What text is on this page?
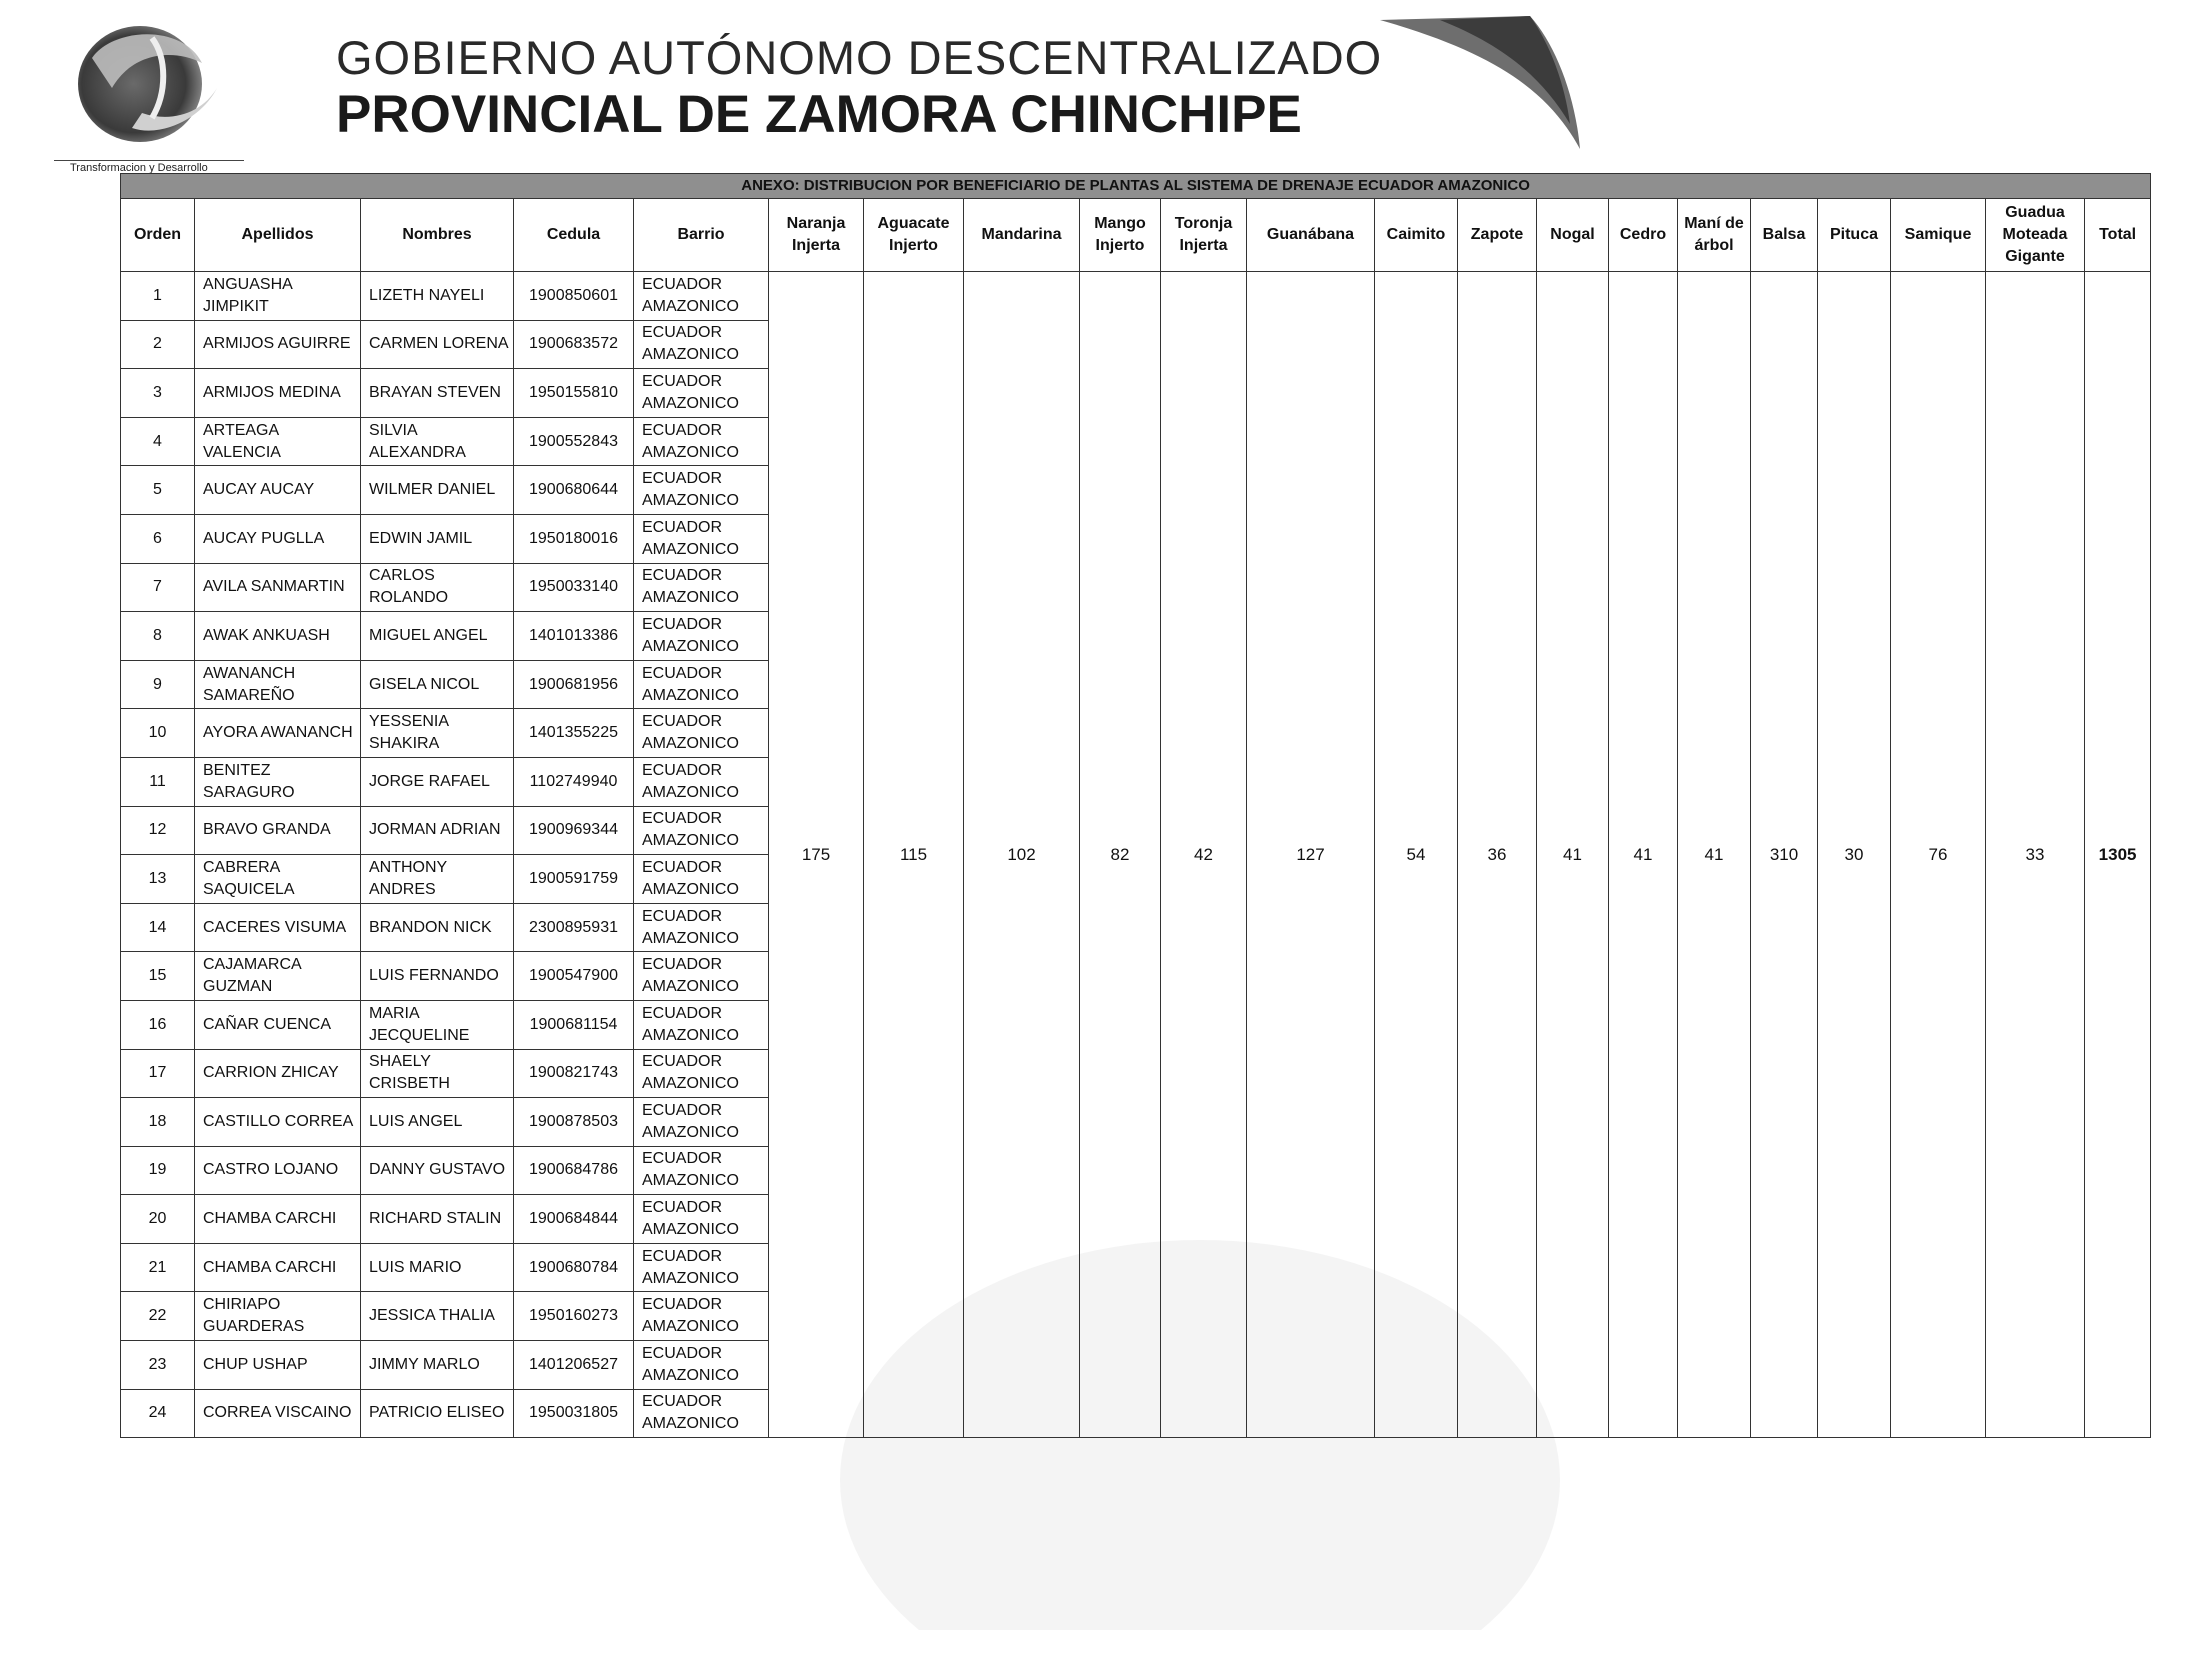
Transformacion y Desarrollo
GOBIERNO AUTÓNOMO DESCENTRALIZADO
PROVINCIAL DE ZAMORA CHINCHIPE
ANEXO: DISTRIBUCION POR BENEFICIARIO DE PLANTAS AL SISTEMA DE DRENAJE ECUADOR AMAZONICO																				
Orden	Apellidos	Nombres	Cedula	Barrio	Naranja Injerta	Aguacate Injerto	Mandarina	Mango Injerto	Toronja Injerta	Guanábana	Caimito	Zapote	Nogal	Cedro	Maní de árbol	Balsa	Pituca	Samique	Guadua Moteada Gigante	Total
1	ANGUASHA JIMPIKIT	LIZETH NAYELI	1900850601	ECUADOR AMAZONICO	175	115	102	82	42	127	54	36	41	41	41	310	30	76	33	1305
2	ARMIJOS AGUIRRE	CARMEN LORENA	1900683572	ECUADOR AMAZONICO																
3	ARMIJOS MEDINA	BRAYAN STEVEN	1950155810	ECUADOR AMAZONICO																
4	ARTEAGA VALENCIA	SILVIA ALEXANDRA	1900552843	ECUADOR AMAZONICO																
5	AUCAY AUCAY	WILMER DANIEL	1900680644	ECUADOR AMAZONICO																
6	AUCAY PUGLLA	EDWIN JAMIL	1950180016	ECUADOR AMAZONICO																
7	AVILA SANMARTIN	CARLOS ROLANDO	1950033140	ECUADOR AMAZONICO																
8	AWAK ANKUASH	MIGUEL ANGEL	1401013386	ECUADOR AMAZONICO																
9	AWANANCH SAMAREÑO	GISELA NICOL	1900681956	ECUADOR AMAZONICO																
10	AYORA AWANANCH	YESSENIA SHAKIRA	1401355225	ECUADOR AMAZONICO																
11	BENITEZ SARAGURO	JORGE RAFAEL	1102749940	ECUADOR AMAZONICO																
12	BRAVO GRANDA	JORMAN ADRIAN	1900969344	ECUADOR AMAZONICO																
13	CABRERA SAQUICELA	ANTHONY ANDRES	1900591759	ECUADOR AMAZONICO																
14	CACERES VISUMA	BRANDON NICK	2300895931	ECUADOR AMAZONICO																
15	CAJAMARCA GUZMAN	LUIS FERNANDO	1900547900	ECUADOR AMAZONICO																
16	CAÑAR CUENCA	MARIA JECQUELINE	1900681154	ECUADOR AMAZONICO																
17	CARRION ZHICAY	SHAELY CRISBETH	1900821743	ECUADOR AMAZONICO																
18	CASTILLO CORREA	LUIS ANGEL	1900878503	ECUADOR AMAZONICO																
19	CASTRO LOJANO	DANNY GUSTAVO	1900684786	ECUADOR AMAZONICO																
20	CHAMBA CARCHI	RICHARD STALIN	1900684844	ECUADOR AMAZONICO																
21	CHAMBA CARCHI	LUIS MARIO	1900680784	ECUADOR AMAZONICO																
22	CHIRIAPO GUARDERAS	JESSICA THALIA	1950160273	ECUADOR AMAZONICO																
23	CHUP USHAP	JIMMY MARLO	1401206527	ECUADOR AMAZONICO																
24	CORREA VISCAINO	PATRICIO ELISEO	1950031805	ECUADOR AMAZONICO																
